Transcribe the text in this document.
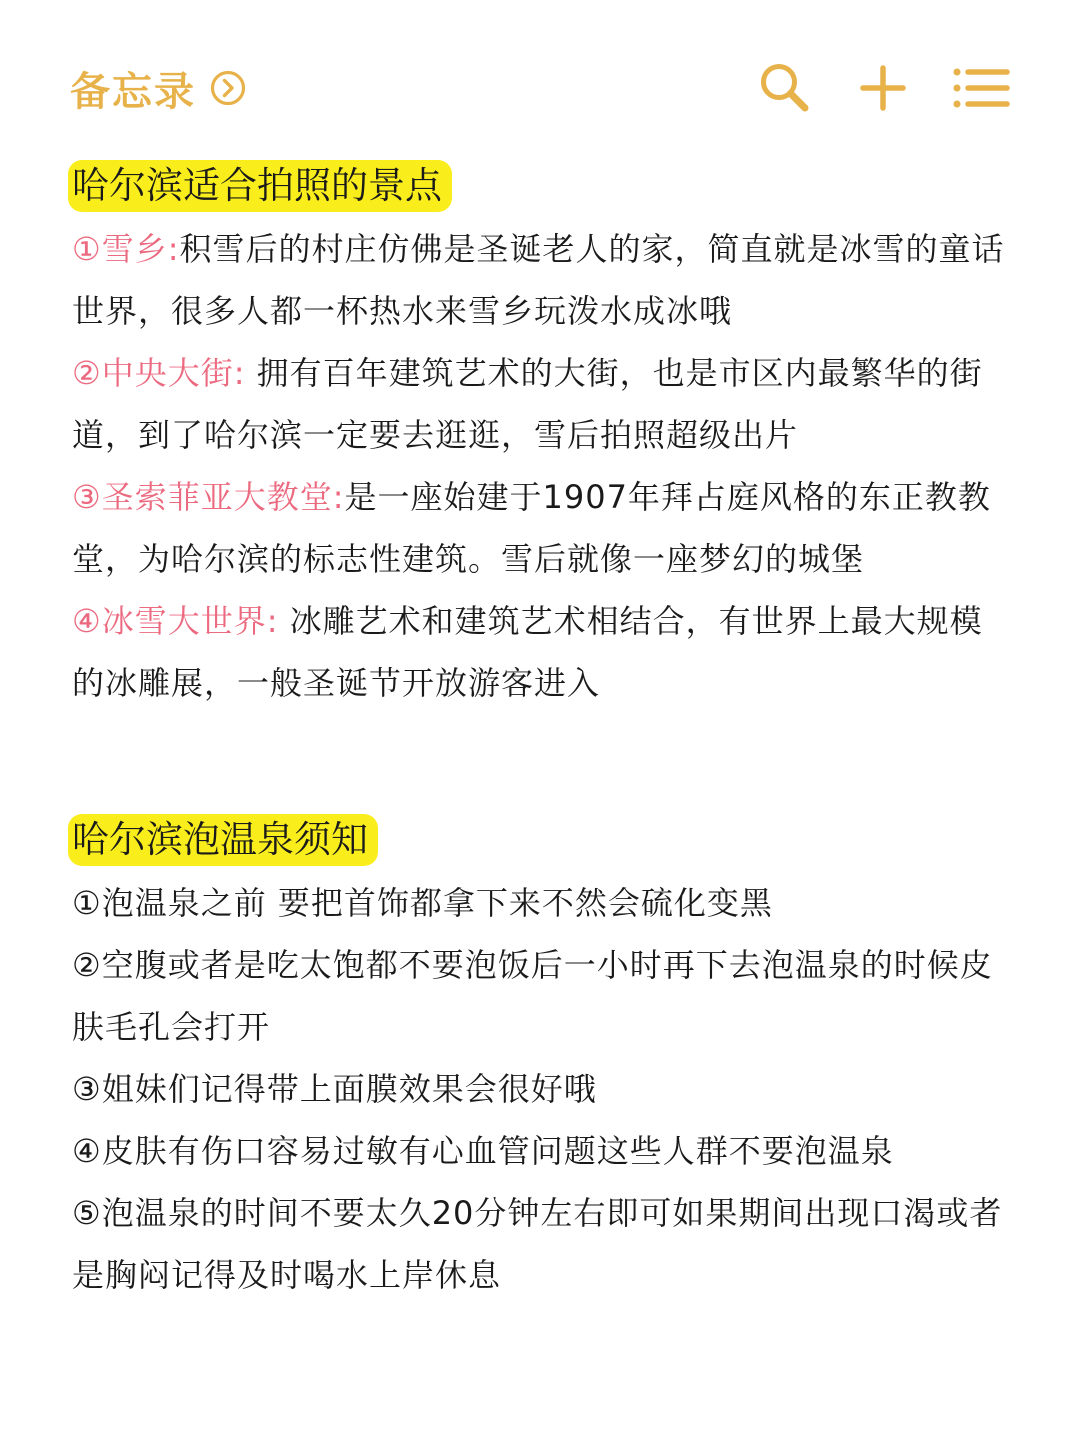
备忘录
哈尔滨适合拍照的景点

①雪乡:积雪后的村庄仿佛是圣诞老人的家，简直就是冰雪的童话世界，很多人都一杯热水来雪乡玩泼水成冰哦

②中央大街: 拥有百年建筑艺术的大街，也是市区内最繁华的街道，到了哈尔滨一定要去逛逛，雪后拍照超级出片

③圣索菲亚大教堂:是一座始建于1907年拜占庭风格的东正教教堂，为哈尔滨的标志性建筑。雪后就像一座梦幻的城堡

④冰雪大世界: 冰雕艺术和建筑艺术相结合，有世界上最大规模的冰雕展，一般圣诞节开放游客进入

哈尔滨泡温泉须知

①泡温泉之前 要把首饰都拿下来不然会硫化变黑

②空腹或者是吃太饱都不要泡饭后一小时再下去泡温泉的时候皮肤毛孔会打开

③姐妹们记得带上面膜效果会很好哦

④皮肤有伤口容易过敏有心血管问题这些人群不要泡温泉

⑤泡温泉的时间不要太久20分钟左右即可如果期间出现口渴或者是胸闷记得及时喝水上岸休息
